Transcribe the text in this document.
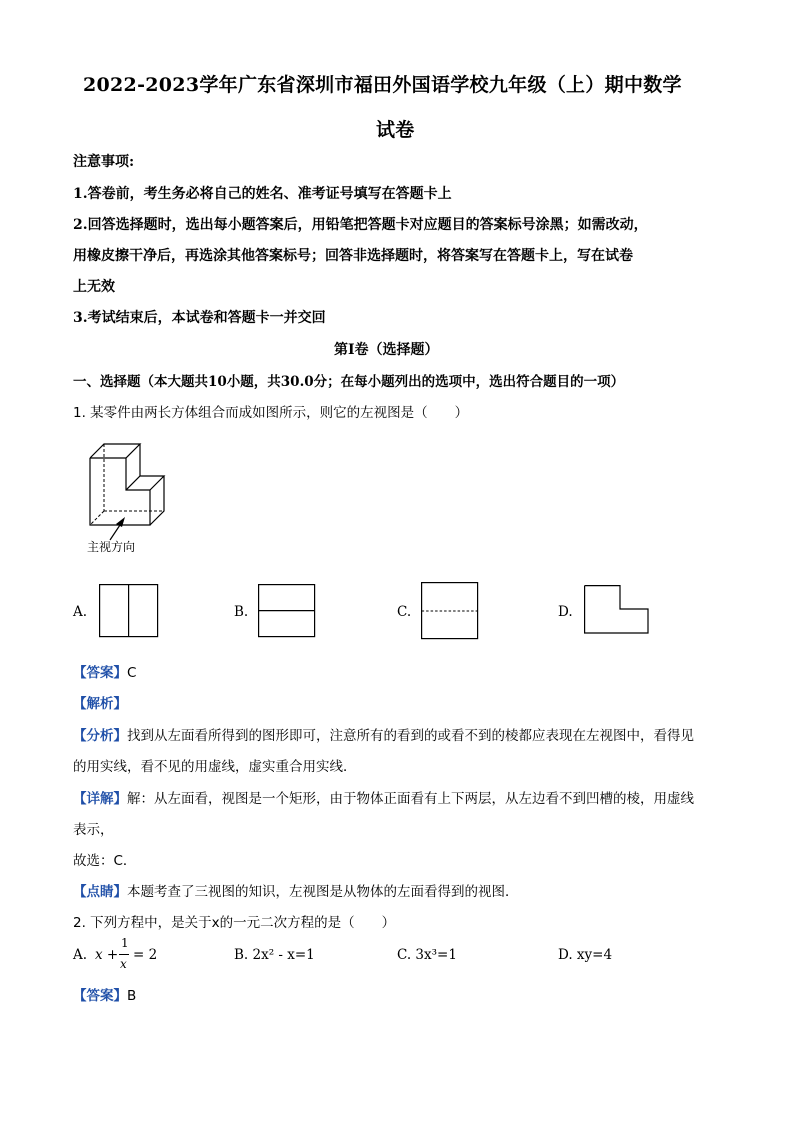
2022-2023学年广东省深圳市福田外国语学校九年级（上）期中数学
试卷
注意事项:
1.答卷前，考生务必将自己的姓名、准考证号填写在答题卡上
2.回答选择题时，选出每小题答案后，用铅笔把答题卡对应题目的答案标号涂黑；如需改动，
用橡皮擦干净后，再选涂其他答案标号；回答非选择题时，将答案写在答题卡上，写在试卷
上无效
3.考试结束后，本试卷和答题卡一并交回
第I卷（选择题）
一、选择题（本大题共10小题，共30.0分；在每小题列出的选项中，选出符合题目的一项）
1. 某零件由两长方体组合而成如图所示，则它的左视图是（　　）
主视方向
A.	B.	C.	D.
【答案】C
【解析】
【分析】找到从左面看所得到的图形即可，注意所有的看到的或看不到的棱都应表现在左视图中，看得见
的用实线，看不见的用虚线，虚实重合用实线．
【详解】解：从左面看，视图是一个矩形，由于物体正面看有上下两层，从左边看不到凹槽的棱，用虚线
表示，
故选：C．
【点睛】本题考查了三视图的知识，左视图是从物体的左面看得到的视图．
2. 下列方程中，是关于x的一元二次方程的是（　　）
A. x +
1
x
= 2	B. 2x² - x=1	C. 3x³=1	D. xy=4
【答案】B
